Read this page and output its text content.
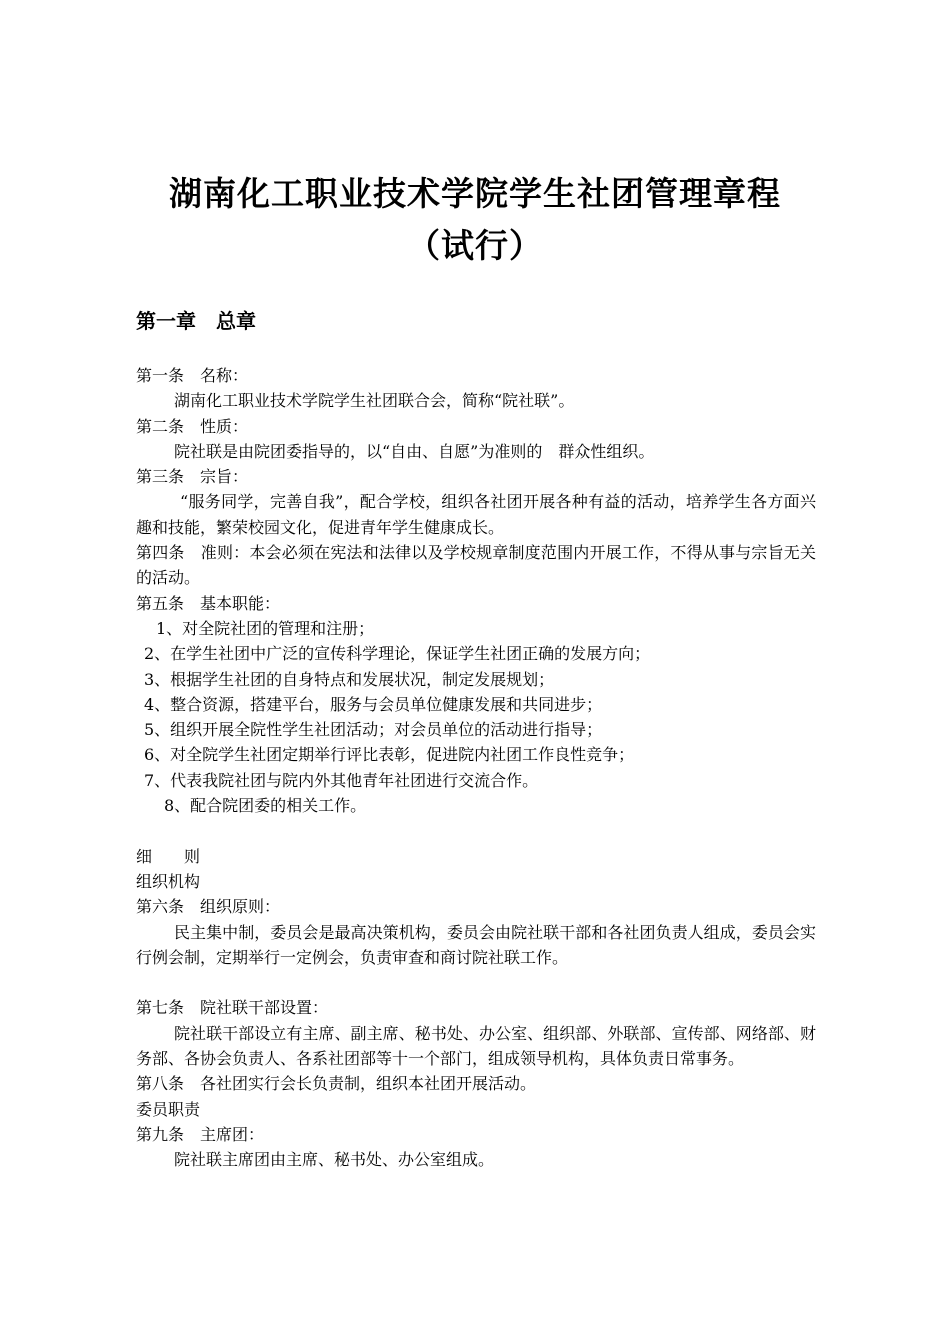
湖南化工职业技术学院学生社团管理章程
（试行）
第一章　总章

第一条　名称：

湖南化工职业技术学院学生社团联合会，简称“院社联”。

第二条　性质：

院社联是由院团委指导的，以“自由、自愿”为准则的　群众性组织。

第三条　宗旨：

“服务同学，完善自我”，配合学校，组织各社团开展各种有益的活动，培养学生各方面兴趣和技能，繁荣校园文化，促进青年学生健康成长。

第四条　准则：本会必须在宪法和法律以及学校规章制度范围内开展工作，不得从事与宗旨无关的活动。

第五条　基本职能：

1、对全院社团的管理和注册；

2、在学生社团中广泛的宣传科学理论，保证学生社团正确的发展方向；

3、根据学生社团的自身特点和发展状况，制定发展规划；

4、整合资源，搭建平台，服务与会员单位健康发展和共同进步；

5、组织开展全院性学生社团活动；对会员单位的活动进行指导；

6、对全院学生社团定期举行评比表彰，促进院内社团工作良性竞争；

7、代表我院社团与院内外其他青年社团进行交流合作。

8、配合院团委的相关工作。

细　　则

组织机构

第六条　组织原则：

民主集中制，委员会是最高决策机构，委员会由院社联干部和各社团负责人组成，委员会实行例会制，定期举行一定例会，负责审查和商讨院社联工作。

第七条　院社联干部设置：

院社联干部设立有主席、副主席、秘书处、办公室、组织部、外联部、宣传部、网络部、财务部、各协会负责人、各系社团部等十一个部门，组成领导机构，具体负责日常事务。

第八条　各社团实行会长负责制，组织本社团开展活动。

委员职责

第九条　主席团：

院社联主席团由主席、秘书处、办公室组成。
